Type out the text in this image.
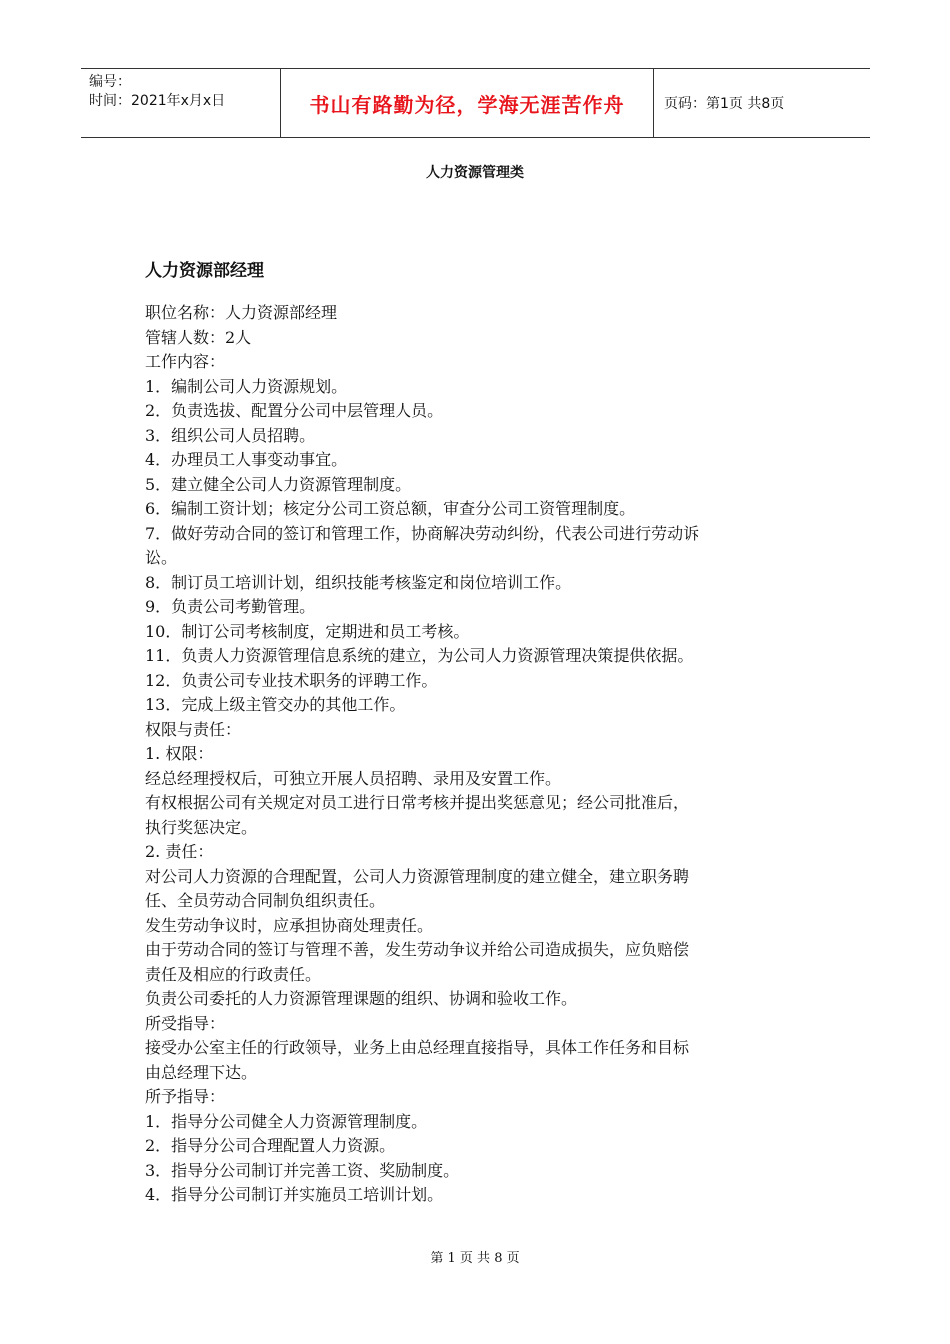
编号：
时间：2021年x月x日	书山有路勤为径，学海无涯苦作舟	页码：第1页 共8页
人力资源管理类
人力资源部经理
职位名称：人力资源部经理
管辖人数：2人
工作内容：
1．编制公司人力资源规划。
2．负责选拔、配置分公司中层管理人员。
3．组织公司人员招聘。
4．办理员工人事变动事宜。
5．建立健全公司人力资源管理制度。
6．编制工资计划；核定分公司工资总额，审查分公司工资管理制度。
7．做好劳动合同的签订和管理工作，协商解决劳动纠纷，代表公司进行劳动诉
讼。
8．制订员工培训计划，组织技能考核鉴定和岗位培训工作。
9．负责公司考勤管理。
10．制订公司考核制度，定期进和员工考核。
11．负责人力资源管理信息系统的建立，为公司人力资源管理决策提供依据。
12．负责公司专业技术职务的评聘工作。
13．完成上级主管交办的其他工作。
权限与责任：
1. 权限：
经总经理授权后，可独立开展人员招聘、录用及安置工作。
有权根据公司有关规定对员工进行日常考核并提出奖惩意见；经公司批准后，
执行奖惩决定。
2. 责任：
对公司人力资源的合理配置，公司人力资源管理制度的建立健全，建立职务聘
任、全员劳动合同制负组织责任。
发生劳动争议时，应承担协商处理责任。
由于劳动合同的签订与管理不善，发生劳动争议并给公司造成损失，应负赔偿
责任及相应的行政责任。
负责公司委托的人力资源管理课题的组织、协调和验收工作。
所受指导：
接受办公室主任的行政领导，业务上由总经理直接指导，具体工作任务和目标
由总经理下达。
所予指导：
1．指导分公司健全人力资源管理制度。
2．指导分公司合理配置人力资源。
3．指导分公司制订并完善工资、奖励制度。
4．指导分公司制订并实施员工培训计划。
第 1 页 共 8 页
